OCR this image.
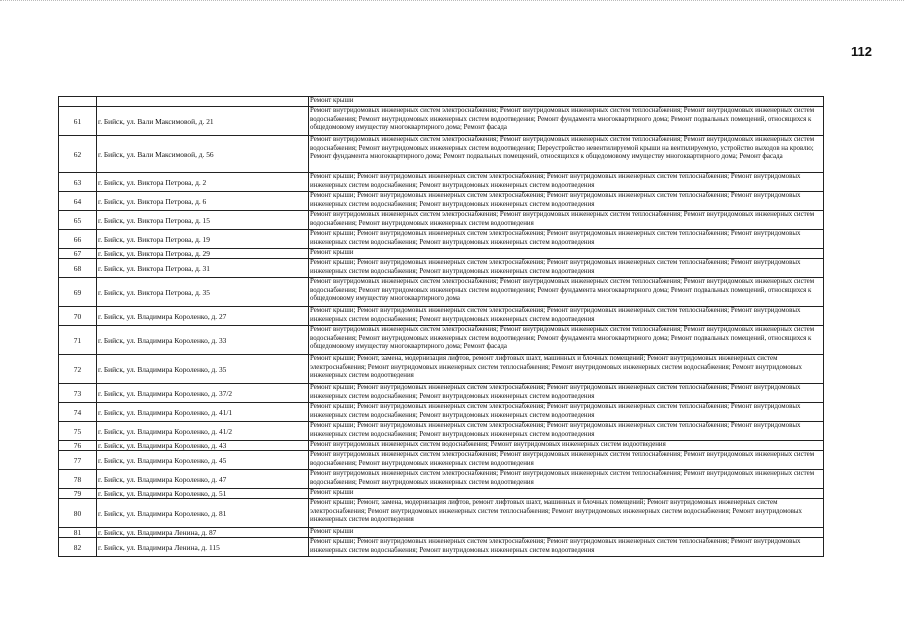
112
		Ремонт крыши
61	г. Бийск, ул. Вали Максимовой, д. 21	Ремонт внутридомовых инженерных систем электроснабжения; Ремонт внутридомовых инженерных систем теплоснабжения; Ремонт внутридомовых инженерных систем водоснабжения; Ремонт внутридомовых инженерных систем водоотведения; Ремонт фундамента многоквартирного дома; Ремонт подвальных помещений, относящихся к общедомовому имуществу многоквартирного дома; Ремонт фасада
62	г. Бийск, ул. Вали Максимовой, д. 56	Ремонт внутридомовых инженерных систем электроснабжения; Ремонт внутридомовых инженерных систем теплоснабжения; Ремонт внутридомовых инженерных систем водоснабжения; Ремонт внутридомовых инженерных систем водоотведения; Переустройство невентилируемой крыши на вентилируемую, устройство выходов на кровлю; Ремонт фундамента многоквартирного дома; Ремонт подвальных помещений, относящихся к общедомовому имуществу многоквартирного дома; Ремонт фасада
63	г. Бийск, ул. Виктора Петрова, д. 2	Ремонт крыши; Ремонт внутридомовых инженерных систем электроснабжения; Ремонт внутридомовых инженерных систем теплоснабжения; Ремонт внутридомовых инженерных систем водоснабжения; Ремонт внутридомовых инженерных систем водоотведения
64	г. Бийск, ул. Виктора Петрова, д. 6	Ремонт крыши; Ремонт внутридомовых инженерных систем электроснабжения; Ремонт внутридомовых инженерных систем теплоснабжения; Ремонт внутридомовых инженерных систем водоснабжения; Ремонт внутридомовых инженерных систем водоотведения
65	г. Бийск, ул. Виктора Петрова, д. 15	Ремонт внутридомовых инженерных систем электроснабжения; Ремонт внутридомовых инженерных систем теплоснабжения; Ремонт внутридомовых инженерных систем водоснабжения; Ремонт внутридомовых инженерных систем водоотведения
66	г. Бийск, ул. Виктора Петрова, д. 19	Ремонт крыши; Ремонт внутридомовых инженерных систем электроснабжения; Ремонт внутридомовых инженерных систем теплоснабжения; Ремонт внутридомовых инженерных систем водоснабжения; Ремонт внутридомовых инженерных систем водоотведения
67	г. Бийск, ул. Виктора Петрова, д. 29	Ремонт крыши
68	г. Бийск, ул. Виктора Петрова, д. 31	Ремонт крыши; Ремонт внутридомовых инженерных систем электроснабжения; Ремонт внутридомовых инженерных систем теплоснабжения; Ремонт внутридомовых инженерных систем водоснабжения; Ремонт внутридомовых инженерных систем водоотведения
69	г. Бийск, ул. Виктора Петрова, д. 35	Ремонт внутридомовых инженерных систем электроснабжения; Ремонт внутридомовых инженерных систем теплоснабжения; Ремонт внутридомовых инженерных систем водоснабжения; Ремонт внутридомовых инженерных систем водоотведения; Ремонт фундамента многоквартирного дома; Ремонт подвальных помещений, относящихся к общедомовому имуществу многоквартирного дома
70	г. Бийск, ул. Владимира Короленко, д. 27	Ремонт крыши; Ремонт внутридомовых инженерных систем электроснабжения; Ремонт внутридомовых инженерных систем теплоснабжения; Ремонт внутридомовых инженерных систем водоснабжения; Ремонт внутридомовых инженерных систем водоотведения
71	г. Бийск, ул. Владимира Короленко, д. 33	Ремонт внутридомовых инженерных систем электроснабжения; Ремонт внутридомовых инженерных систем теплоснабжения; Ремонт внутридомовых инженерных систем водоснабжения; Ремонт внутридомовых инженерных систем водоотведения; Ремонт фундамента многоквартирного дома; Ремонт подвальных помещений, относящихся к общедомовому имуществу многоквартирного дома; Ремонт фасада
72	г. Бийск, ул. Владимира Короленко, д. 35	Ремонт крыши; Ремонт, замена, модернизация лифтов, ремонт лифтовых шахт, машинных и блочных помещений; Ремонт внутридомовых инженерных систем электроснабжения; Ремонт внутридомовых инженерных систем теплоснабжения; Ремонт внутридомовых инженерных систем водоснабжения; Ремонт внутридомовых инженерных систем водоотведения
73	г. Бийск, ул. Владимира Короленко, д. 37/2	Ремонт крыши; Ремонт внутридомовых инженерных систем электроснабжения; Ремонт внутридомовых инженерных систем теплоснабжения; Ремонт внутридомовых инженерных систем водоснабжения; Ремонт внутридомовых инженерных систем водоотведения
74	г. Бийск, ул. Владимира Короленко, д. 41/1	Ремонт крыши; Ремонт внутридомовых инженерных систем электроснабжения; Ремонт внутридомовых инженерных систем теплоснабжения; Ремонт внутридомовых инженерных систем водоснабжения; Ремонт внутридомовых инженерных систем водоотведения
75	г. Бийск, ул. Владимира Короленко, д. 41/2	Ремонт крыши; Ремонт внутридомовых инженерных систем электроснабжения; Ремонт внутридомовых инженерных систем теплоснабжения; Ремонт внутридомовых инженерных систем водоснабжения; Ремонт внутридомовых инженерных систем водоотведения
76	г. Бийск, ул. Владимира Короленко, д. 43	Ремонт внутридомовых инженерных систем водоснабжения; Ремонт внутридомовых инженерных систем водоотведения
77	г. Бийск, ул. Владимира Короленко, д. 45	Ремонт внутридомовых инженерных систем электроснабжения; Ремонт внутридомовых инженерных систем теплоснабжения; Ремонт внутридомовых инженерных систем водоснабжения; Ремонт внутридомовых инженерных систем водоотведения
78	г. Бийск, ул. Владимира Короленко, д. 47	Ремонт внутридомовых инженерных систем электроснабжения; Ремонт внутридомовых инженерных систем теплоснабжения; Ремонт внутридомовых инженерных систем водоснабжения; Ремонт внутридомовых инженерных систем водоотведения
79	г. Бийск, ул. Владимира Короленко, д. 51	Ремонт крыши
80	г. Бийск, ул. Владимира Короленко, д. 81	Ремонт крыши; Ремонт, замена, модернизация лифтов, ремонт лифтовых шахт, машинных и блочных помещений; Ремонт внутридомовых инженерных систем электроснабжения; Ремонт внутридомовых инженерных систем теплоснабжения; Ремонт внутридомовых инженерных систем водоснабжения; Ремонт внутридомовых инженерных систем водоотведения
81	г. Бийск, ул. Владимира Ленина, д. 87	Ремонт крыши
82	г. Бийск, ул. Владимира Ленина, д. 115	Ремонт крыши; Ремонт внутридомовых инженерных систем электроснабжения; Ремонт внутридомовых инженерных систем теплоснабжения; Ремонт внутридомовых инженерных систем водоснабжения; Ремонт внутридомовых инженерных систем водоотведения
